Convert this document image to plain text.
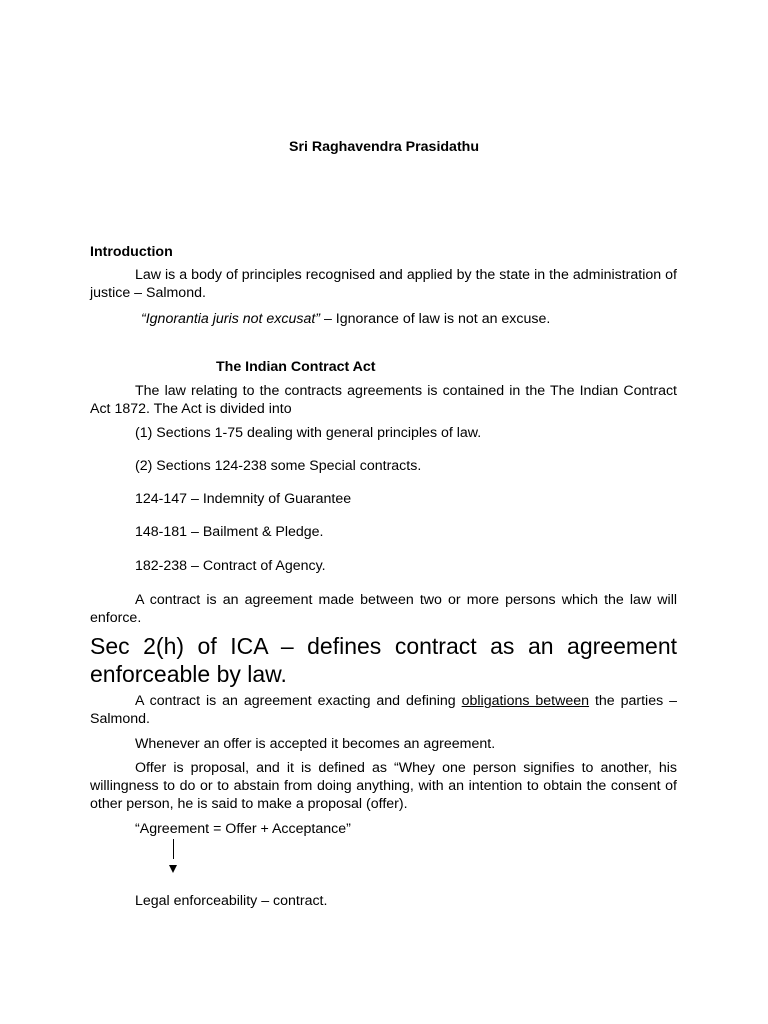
Sri Raghavendra Prasidathu
Introduction
Law is a body of principles recognised and applied by the state in the administration of justice – Salmond.
“Ignorantia juris not excusat” – Ignorance of law is not an excuse.
The Indian Contract Act
The law relating to the contracts agreements is contained in the The Indian Contract Act 1872. The Act is divided into
(1) Sections 1-75 dealing with general principles of law.
(2) Sections 124-238 some Special contracts.
124-147 – Indemnity of Guarantee
148-181 – Bailment & Pledge.
182-238 – Contract of Agency.
A contract is an agreement made between two or more persons which the law will enforce.
Sec 2(h) of ICA – defines contract as an agreement enforceable by law.
A contract is an agreement exacting and defining obligations between the parties – Salmond.
Whenever an offer is accepted it becomes an agreement.
Offer is proposal, and it is defined as “Whey one person signifies to another, his willingness to do or to abstain from doing anything, with an intention to obtain the consent of other person, he is said to make a proposal (offer).
“Agreement = Offer + Acceptance”
Legal enforceability – contract.
